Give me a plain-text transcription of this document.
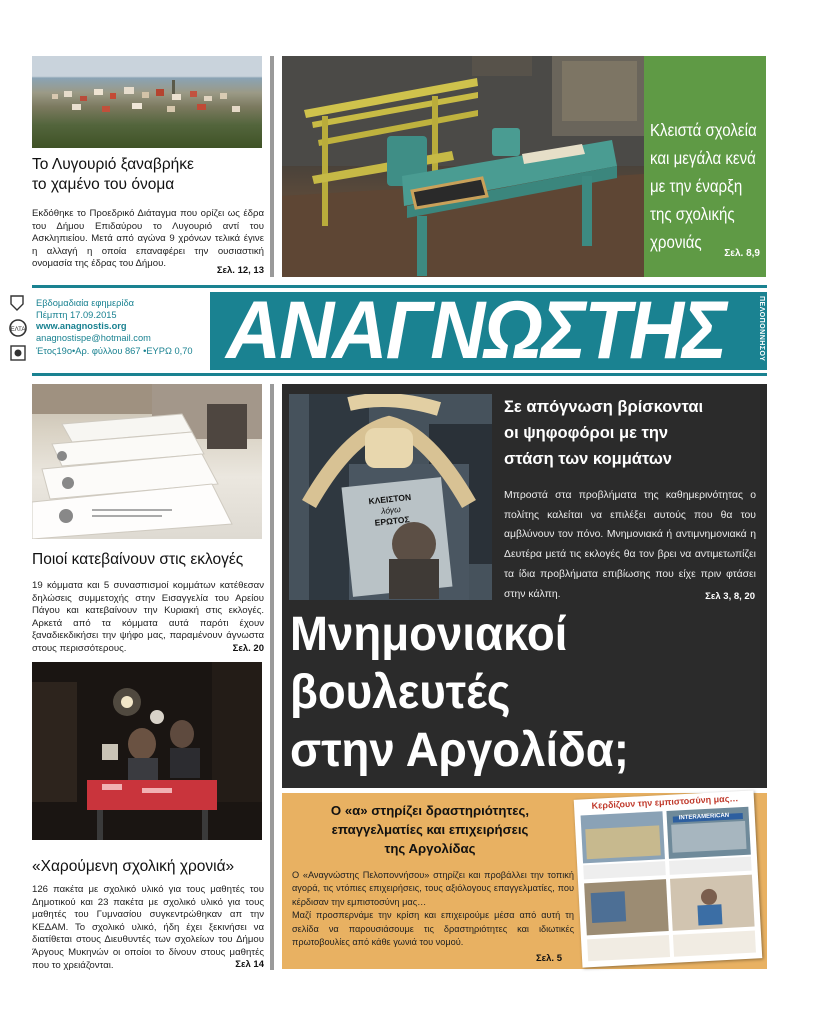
Το Λυγουριό ξαναβρήκε
το χαμένο του όνομα
Εκδόθηκε το Προεδρικό Διάταγμα που ορίζει ως έδρα του Δήμου Επιδαύρου το Λυγουριό αντί του Ασκληπιείου. Μετά από αγώνα 9 χρόνων τελικά έγινε η αλλαγή η οποία επαναφέρει την ουσιαστική ονομασία της έδρας του Δήμου.
Σελ. 12, 13
Κλειστά σχολεία
και μεγάλα κενά
με την έναρξη
της σχολικής
χρονιάς
Σελ. 8,9
ΕΛΤΑ
Εβδομαδιαία εφημερίδα
Πέμπτη 17.09.2015
www.anagnostis.org
anagnostispe@hotmail.com
Έτος19ο•Αρ. φύλλου 867 •ΕΥΡΩ 0,70 ΑΝΑΓΝΩΣΤΗΣ	ΠΕΛΟΠΟΝΝΗΣΟΥ
Ποιοί κατεβαίνουν στις εκλογές
19 κόμματα και 5 συνασπισμοί κομμάτων κατέθεσαν δηλώσεις συμμετοχής στην Εισαγγελία του Αρείου Πάγου και κατεβαίνουν την Κυριακή στις εκλογές. Αρκετά από τα κόμματα αυτά παρότι έχουν ξαναδιεκδικήσει την ψήφο μας, παραμένουν άγνωστα στους περισσότερους.	Σελ. 20
«Χαρούμενη σχολική χρονιά»
126 πακέτα με σχολικό υλικό για τους μαθητές του Δημοτικού και 23 πακέτα με σχολικό υλικό για τους μαθητές του Γυμνασίου συγκεντρώθηκαν απ την ΚΕΔΑΜ. Το σχολικό υλικό, ήδη έχει ξεκινήσει να διατίθεται στους Διευθυντές των σχολείων του Δήμου Άργους Μυκηνών οι οποίοι το δίνουν στους μαθητές που το χρειάζονται.	Σελ 14
ΚΛΕΙΣΤΟΝ
λόγω
ΕΡΩΤΟΣ
Σε απόγνωση βρίσκονται
οι ψηφοφόροι με την
στάση των κομμάτων
Μπροστά στα προβλήματα της καθημερινότητας ο πολίτης καλείται να επιλέξει αυτούς που θα του αμβλύνουν τον πόνο. Μνημονιακά ή αντιμνημονιακά η Δευτέρα μετά τις εκλογές θα τον βρει να αντιμετωπίζει τα ίδια προβλήματα επιβίωσης που είχε πριν φτάσει στην κάλπη.	Σελ 3, 8, 20
Μνημονιακοί
βουλευτές
στην Αργολίδα;
Ο «α» στηρίζει δραστηριότητες,
επαγγελματίες και επιχειρήσεις
της Αργολίδας
Ο «Αναγνώστης Πελοποννήσου» στηρίζει και προβάλλει την τοπική αγορά, τις ντόπιες επιχειρήσεις, τους αξιόλογους επαγγελματίες, που κέρδισαν την εμπιστοσύνη μας…
Μαζί προσπερνάμε την κρίση και επιχειρούμε μέσα από αυτή τη σελίδα να παρουσιάσουμε τις δραστηριότητες και ιδιωτικές πρωτοβουλίες από κάθε γωνιά του νομού.
Σελ. 5
Κερδίζουν την εμπιστοσύνη μας…
INTERAMERICAN
